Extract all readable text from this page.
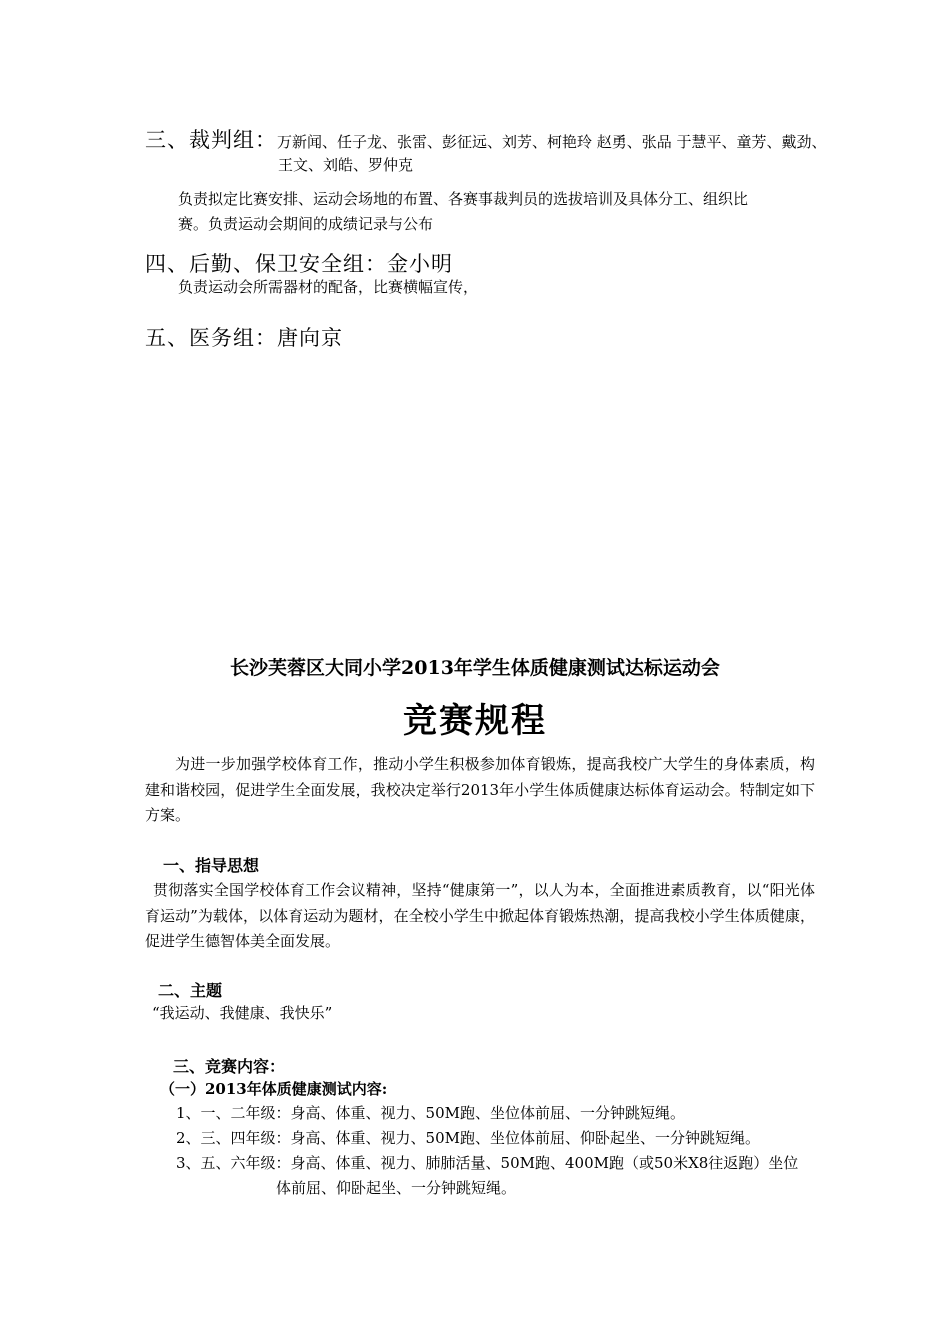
三、裁判组：万新闻、任子龙、张雷、彭征远、刘芳、柯艳玲 赵勇、张品 于慧平、童芳、戴劲、
王文、刘皓、罗仲克
负责拟定比赛安排、运动会场地的布置、各赛事裁判员的选拔培训及具体分工、组织比
赛。负责运动会期间的成绩记录与公布
四、后勤、保卫安全组：金小明
负责运动会所需器材的配备，比赛横幅宣传，
五、医务组：唐向京
长沙芙蓉区大同小学2013年学生体质健康测试达标运动会
竞赛规程
为进一步加强学校体育工作，推动小学生积极参加体育锻炼，提高我校广大学生的身体素质，构建和谐校园，促进学生全面发展，我校决定举行2013年小学生体质健康达标体育运动会。特制定如下方案。
一、指导思想
贯彻落实全国学校体育工作会议精神，坚持“健康第一”，以人为本，全面推进素质教育，以“阳光体育运动”为载体，以体育运动为题材，在全校小学生中掀起体育锻炼热潮，提高我校小学生体质健康，促进学生德智体美全面发展。
二、主题
“我运动、我健康、我快乐”
三、竞赛内容：
（一）2013年体质健康测试内容:
1、一、二年级：身高、体重、视力、50M跑、坐位体前屈、一分钟跳短绳。
2、三、四年级：身高、体重、视力、50M跑、坐位体前屈、仰卧起坐、一分钟跳短绳。
3、五、六年级：身高、体重、视力、肺肺活量、50M跑、400M跑（或50米X8往返跑）坐位
体前屈、仰卧起坐、一分钟跳短绳。
